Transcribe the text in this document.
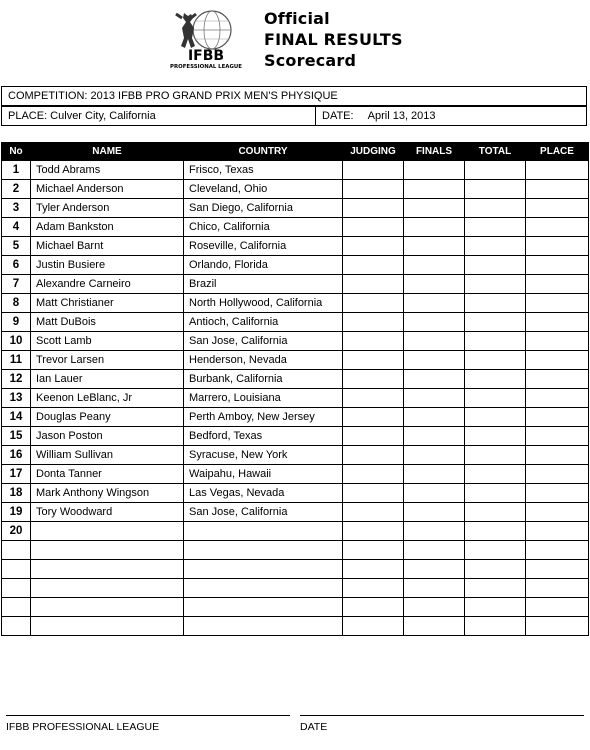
IFBB
PROFESSIONAL LEAGUE
Official
FINAL RESULTS
Scorecard
COMPETITION: 2013 IFBB PRO GRAND PRIX MEN'S PHYSIQUE
PLACE: Culver City, California	DATE: April 13, 2013
No	NAME	COUNTRY	JUDGING	FINALS	TOTAL	PLACE
1	Todd Abrams	Frisco, Texas				
2	Michael Anderson	Cleveland, Ohio				
3	Tyler Anderson	San Diego, California				
4	Adam Bankston	Chico, California				
5	Michael Barnt	Roseville, California				
6	Justin Busiere	Orlando, Florida				
7	Alexandre Carneiro	Brazil				
8	Matt Christianer	North Hollywood, California				
9	Matt DuBois	Antioch, California				
10	Scott Lamb	San Jose, California				
11	Trevor Larsen	Henderson, Nevada				
12	Ian Lauer	Burbank, California				
13	Keenon LeBlanc, Jr	Marrero, Louisiana				
14	Douglas Peany	Perth Amboy, New Jersey				
15	Jason Poston	Bedford, Texas				
16	William Sullivan	Syracuse, New York				
17	Donta Tanner	Waipahu, Hawaii				
18	Mark Anthony Wingson	Las Vegas, Nevada				
19	Tory Woodward	San Jose, California				
20						

IFBB PROFESSIONAL LEAGUE	DATE
